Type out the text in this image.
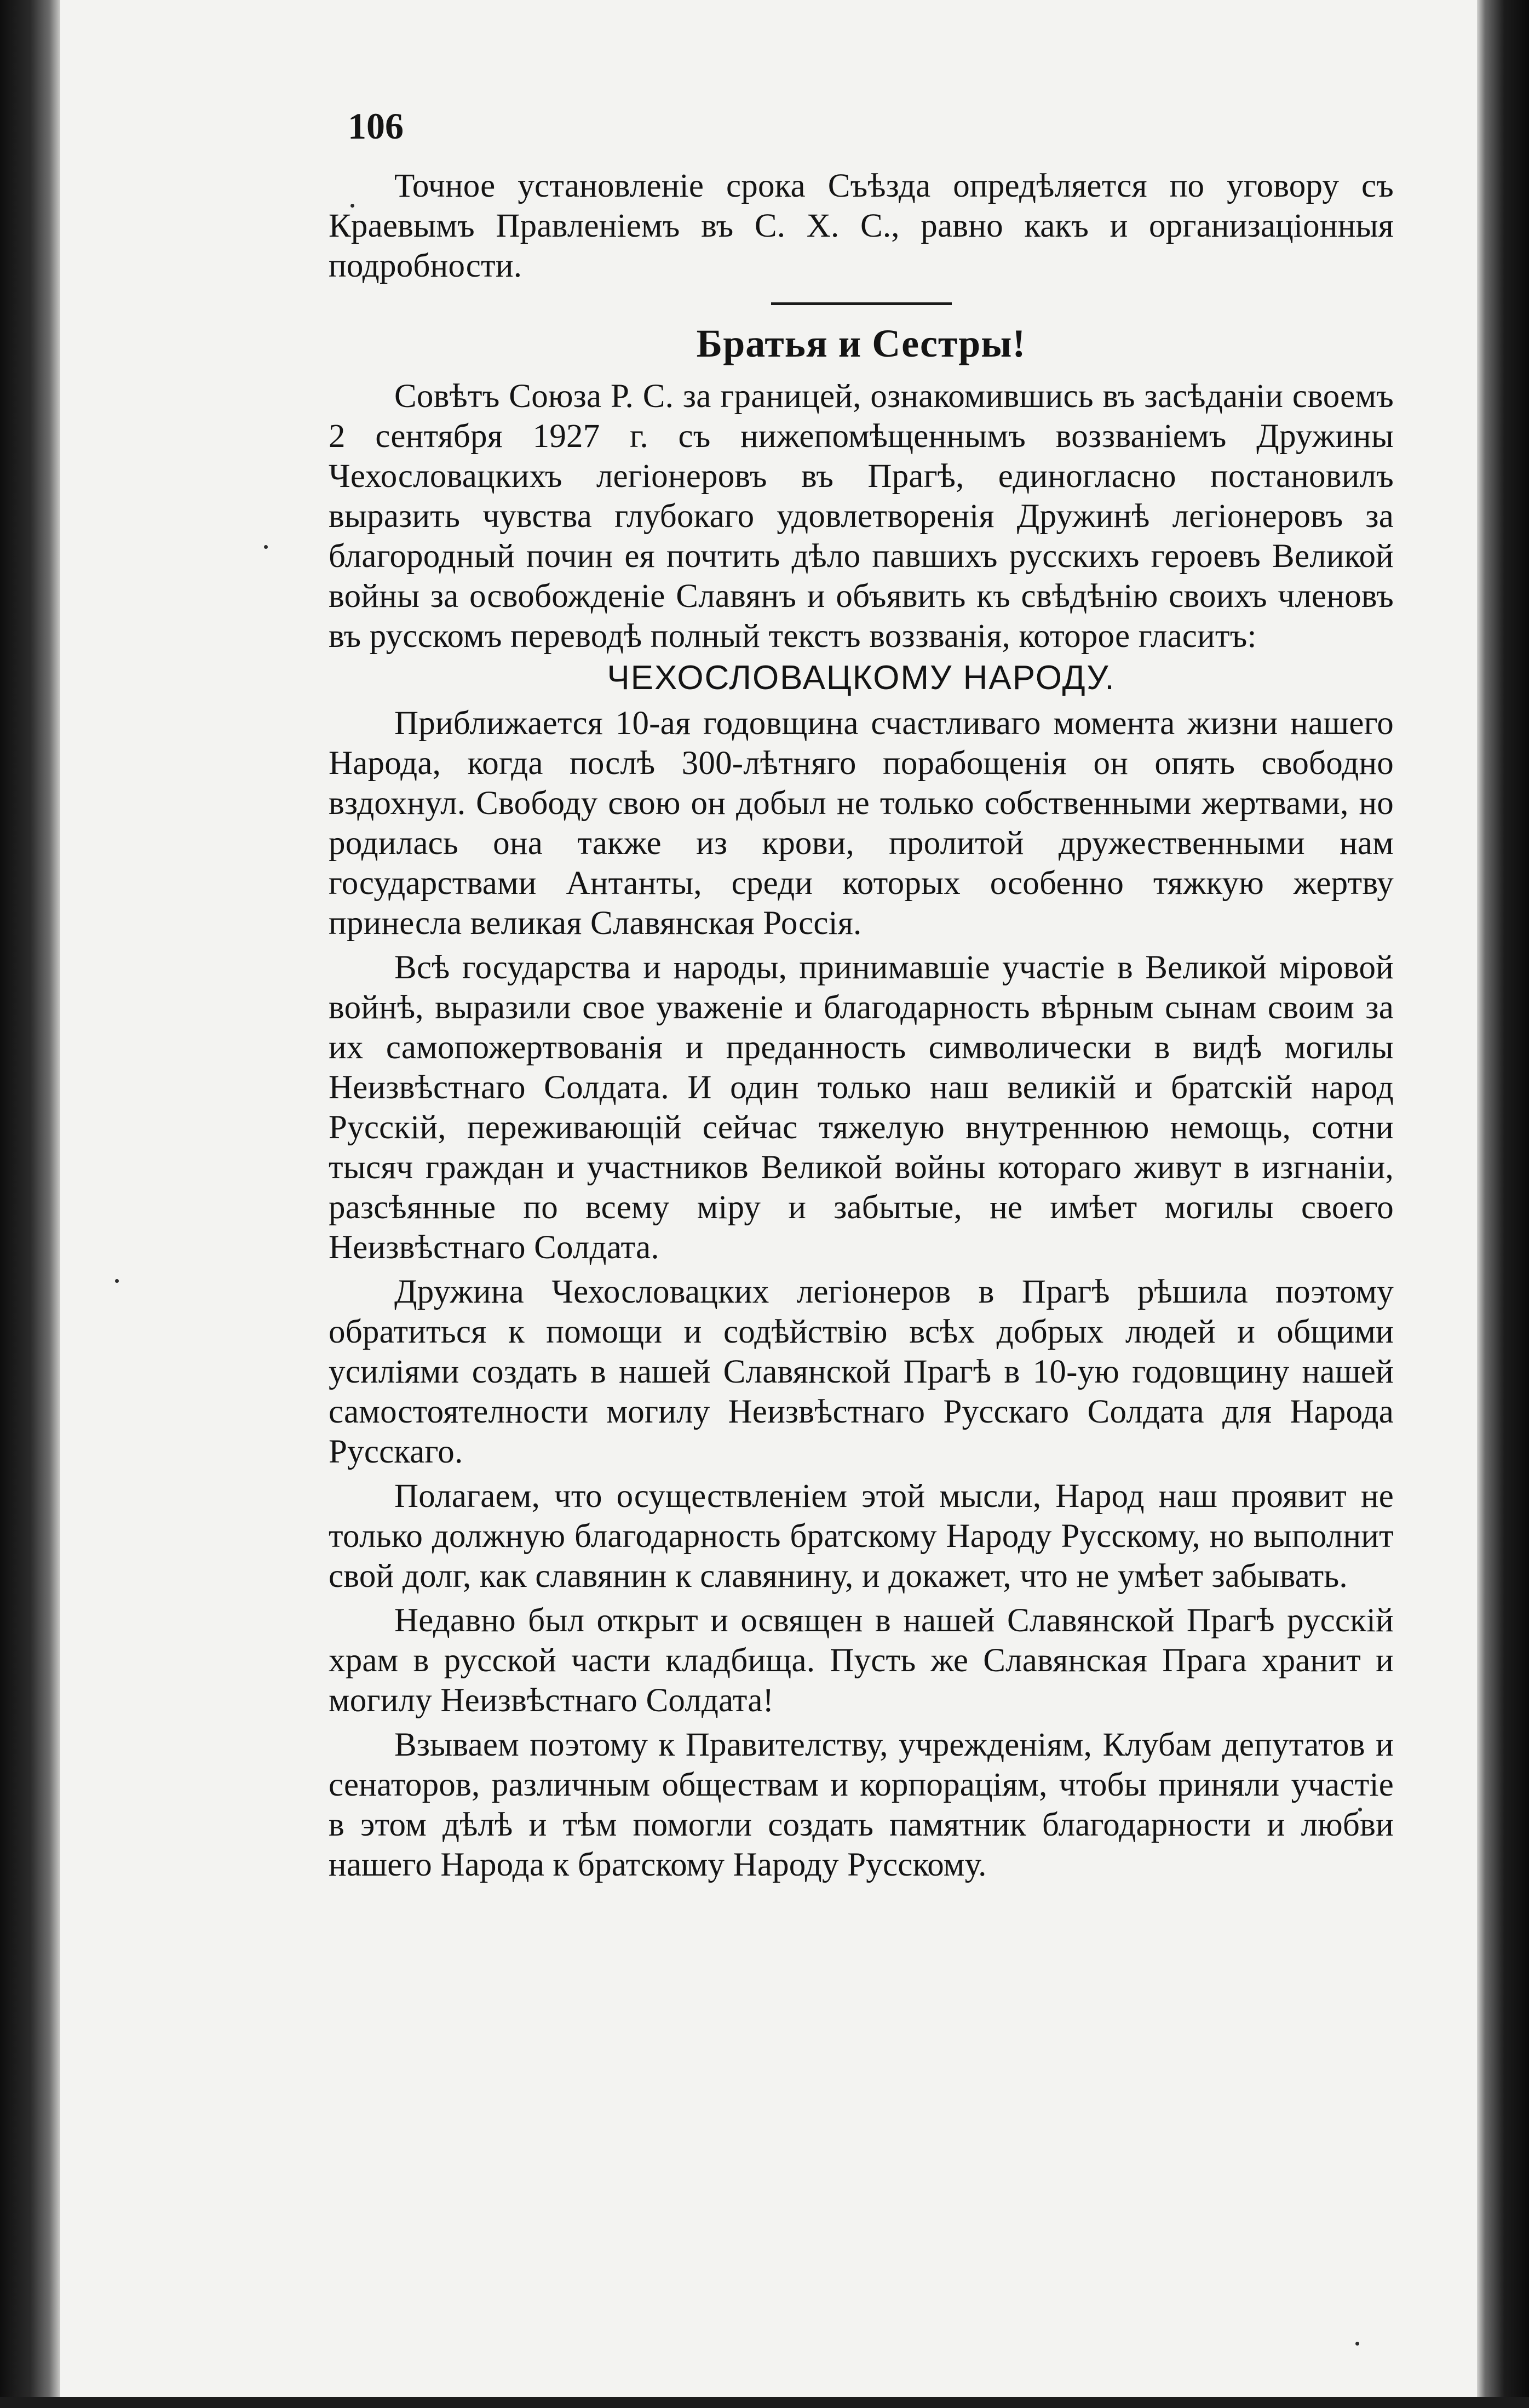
106

Точное установленіе срока Съѣзда опредѣляется по уговору съ Краевымъ Правленіемъ въ С. Х. С., равно какъ и организаціонныя подробности.

Братья и Сестры!

Совѣтъ Союза Р. С. за границей, ознакомившись въ засѣданіи своемъ 2 сентября 1927 г. съ нижепомѣщеннымъ воззваніемъ Дружины Чехословацкихъ легіонеровъ въ Прагѣ, единогласно постановилъ выразить чувства глубокаго удовлетворенія Дружинѣ легіонеровъ за благородный почин ея почтить дѣло павшихъ русскихъ героевъ Великой войны за освобожденіе Славянъ и объявить къ свѣдѣнію своихъ членовъ въ русскомъ переводѣ полный текстъ воззванія, которое гласитъ:

ЧЕХОСЛОВАЦКОМУ НАРОДУ.

Приближается 10-ая годовщина счастливаго момента жизни нашего Народа, когда послѣ 300-лѣтняго порабощенія он опять свободно вздохнул. Свободу свою он добыл не только собственными жертвами, но родилась она также из крови, пролитой дружественными нам государствами Антанты, среди которых особенно тяжкую жертву принесла великая Славянская Россія.

Всѣ государства и народы, принимавшіе участіе в Великой міровой войнѣ, выразили свое уваженіе и благодарность вѣрным сынам своим за их самопожертвованія и преданность символически в видѣ могилы Неизвѣстнаго Солдата. И один только наш великій и братскій народ Русскій, переживающій сейчас тяжелую внутреннюю немощь, сотни тысяч граждан и участников Великой войны котораго живут в изгнаніи, разсѣянные по всему міру и забытые, не имѣет могилы своего Неизвѣстнаго Солдата.

Дружина Чехословацких легіонеров в Прагѣ рѣшила поэтому обратиться к помощи и содѣйствію всѣх добрых людей и общими усиліями создать в нашей Славянской Прагѣ в 10-ую годовщину нашей самостоятелности могилу Неизвѣстнаго Русскаго Солдата для Народа Русскаго.

Полагаем, что осуществленіем этой мысли, Народ наш проявит не только должную благодарность братскому Народу Русскому, но выполнит свой долг, как славянин к славянину, и докажет, что не умѣет забывать.

Недавно был открыт и освящен в нашей Славянской Прагѣ русскій храм в русской части кладбища. Пусть же Славянская Прага хранит и могилу Неизвѣстнаго Солдата!

Взываем поэтому к Правителству, учрежденіям, Клубам депутатов и сенаторов, различным обществам и корпораціям, чтобы приняли участіе в этом дѣлѣ и тѣм помогли создать памятник благодарности и любви нашего Народа к братскому Народу Русскому.
